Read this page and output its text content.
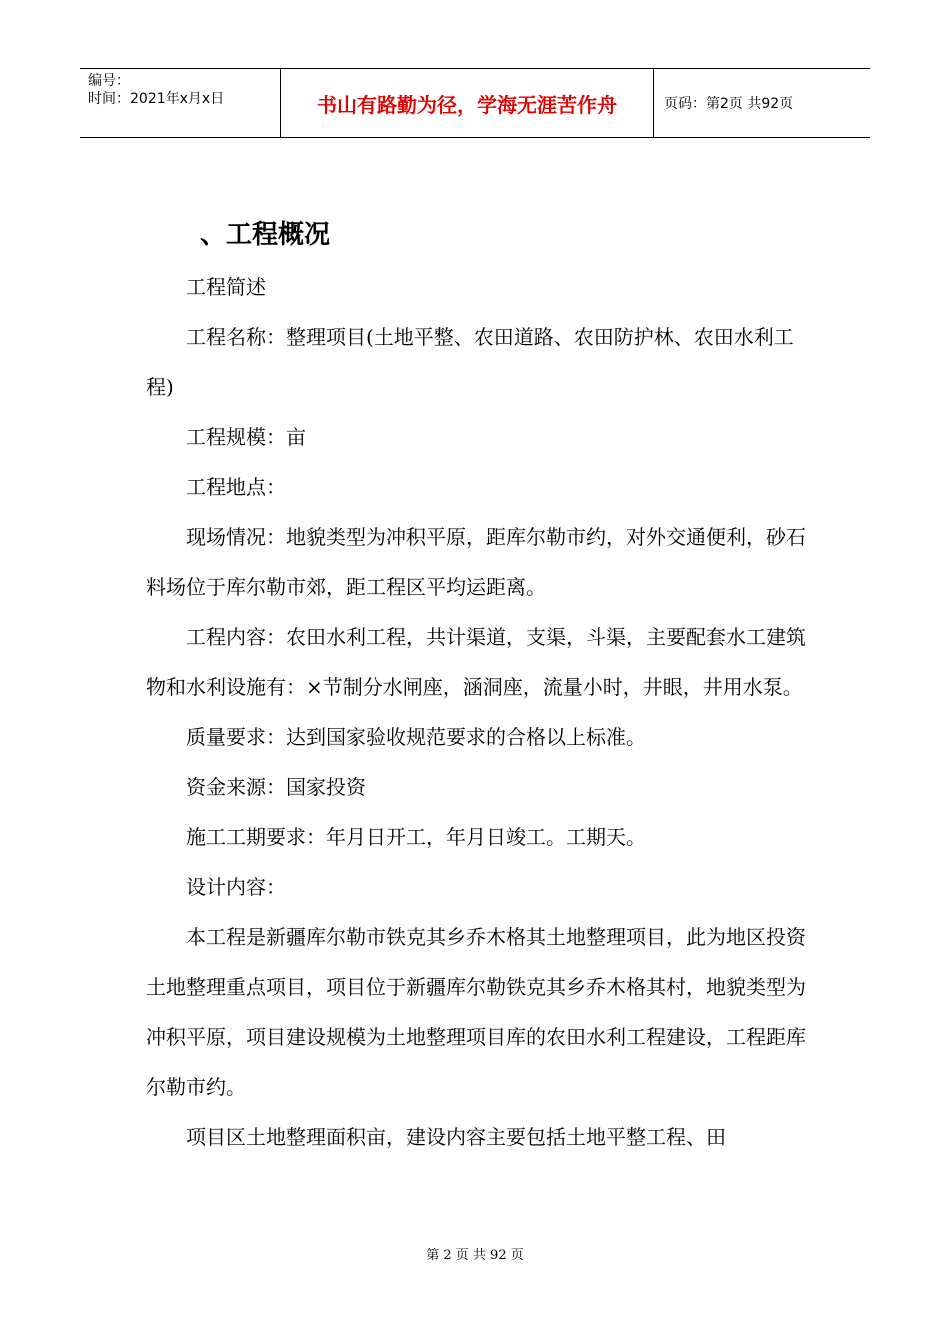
编号：
时间：2021年x月x日	书山有路勤为径，学海无涯苦作舟	页码：第2页 共92页
、工程概况

工程简述

工程名称：整理项目(土地平整、农田道路、农田防护林、农田水利工程)

工程规模：亩

工程地点：

现场情况：地貌类型为冲积平原，距库尔勒市约，对外交通便利，砂石料场位于库尔勒市郊，距工程区平均运距离。

工程内容：农田水利工程，共计渠道，支渠，斗渠，主要配套水工建筑物和水利设施有：×节制分水闸座，涵洞座，流量小时，井眼，井用水泵。

质量要求：达到国家验收规范要求的合格以上标准。

资金来源：国家投资

施工工期要求：年月日开工，年月日竣工。工期天。

设计内容：

本工程是新疆库尔勒市铁克其乡乔木格其土地整理项目，此为地区投资土地整理重点项目，项目位于新疆库尔勒铁克其乡乔木格其村，地貌类型为冲积平原，项目建设规模为土地整理项目库的农田水利工程建设，工程距库尔勒市约。

项目区土地整理面积亩，建设内容主要包括土地平整工程、田

第 2 页 共 92 页
